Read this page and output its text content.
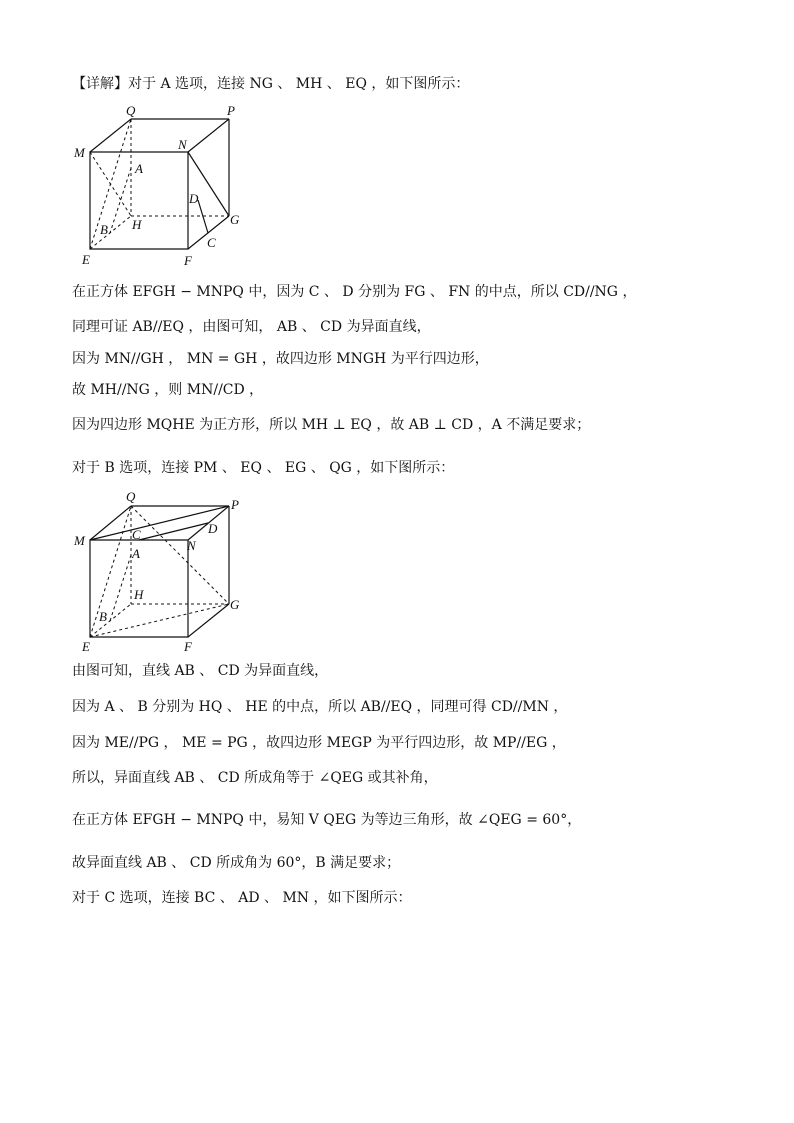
【详解】对于 A 选项，连接 NG 、 MH 、 EQ ，如下图所示：
Q	P
M
N
A
D
H	G
B
C
E	F
在正方体 EFGH − MNPQ 中，因为 C 、 D 分别为 FG 、 FN 的中点，所以 CD//NG ，
同理可证 AB//EQ ，由图可知， AB 、 CD 为异面直线，
因为 MN//GH ， MN = GH ，故四边形 MNGH 为平行四边形，
故 MH//NG ，则 MN//CD ，
因为四边形 MQHE 为正方形，所以 MH ⊥ EQ ，故 AB ⊥ CD ，A 不满足要求；
对于 B 选项，连接 PM 、 EQ 、 EG 、 QG ，如下图所示：
Q
P
C	D
M
A
N
H
G
B
E	F
由图可知，直线 AB 、 CD 为异面直线，
因为 A 、 B 分别为 HQ 、 HE 的中点，所以 AB//EQ ，同理可得 CD//MN ，
因为 ME//PG ， ME = PG ，故四边形 MEGP 为平行四边形，故 MP//EG ，
所以，异面直线 AB 、 CD 所成角等于 ∠QEG 或其补角，
在正方体 EFGH − MNPQ 中，易知 V QEG 为等边三角形，故 ∠QEG = 60°，
故异面直线 AB 、 CD 所成角为 60°，B 满足要求；
对于 C 选项，连接 BC 、 AD 、 MN ，如下图所示：
